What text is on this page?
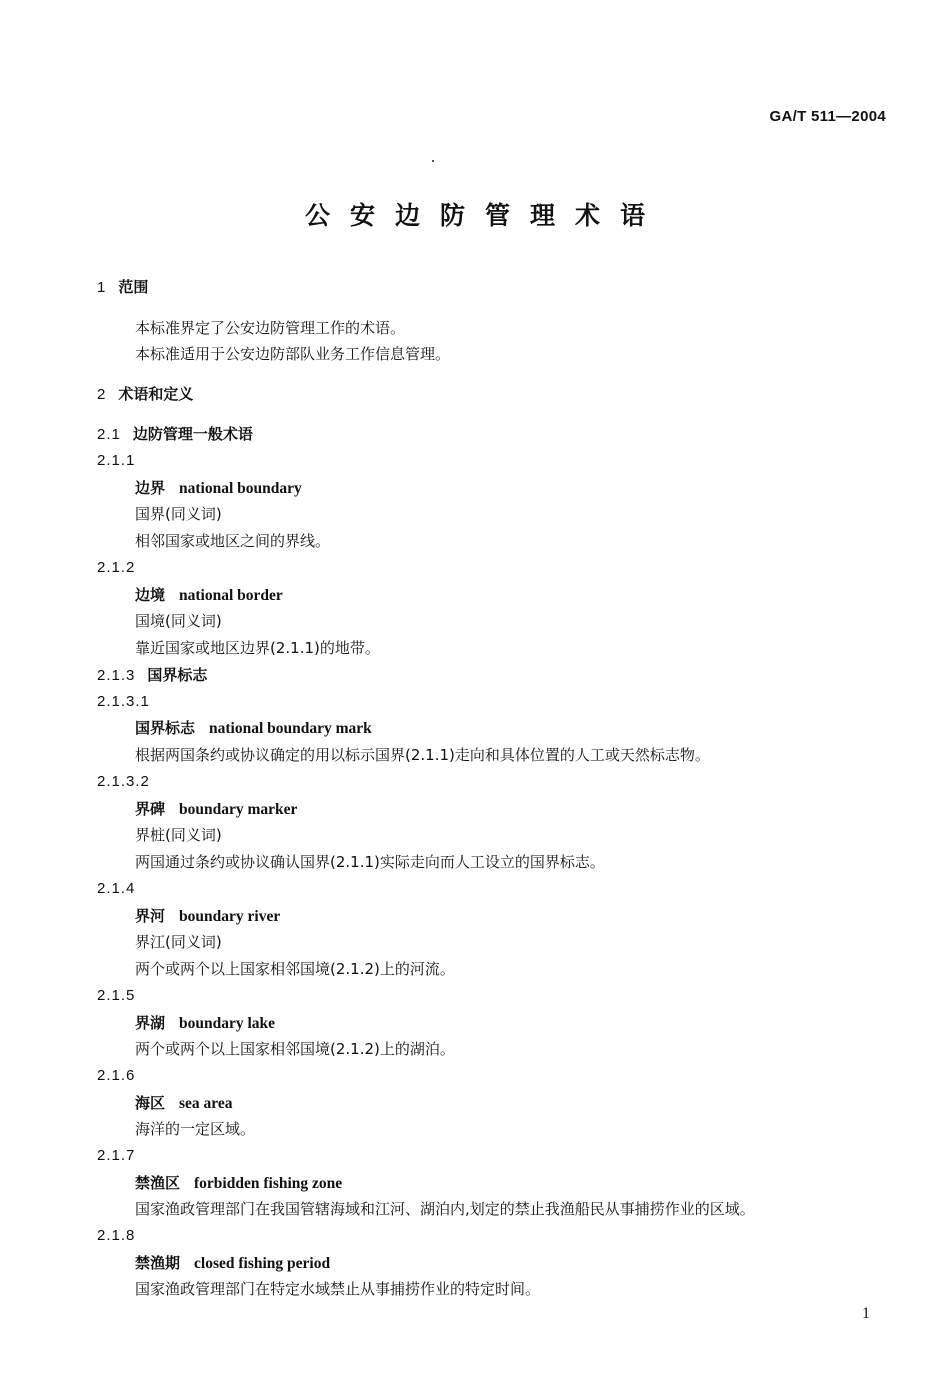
GA/T 511—2004
公安边防管理术语
1 范围
本标准界定了公安边防管理工作的术语。
本标准适用于公安边防部队业务工作信息管理。
2 术语和定义
2.1 边防管理一般术语
2.1.1
边界 national boundary
国界(同义词)
相邻国家或地区之间的界线。
2.1.2
边境 national border
国境(同义词)
靠近国家或地区边界(2.1.1)的地带。
2.1.3 国界标志
2.1.3.1
国界标志 national boundary mark
根据两国条约或协议确定的用以标示国界(2.1.1)走向和具体位置的人工或天然标志物。
2.1.3.2
界碑 boundary marker
界桩(同义词)
两国通过条约或协议确认国界(2.1.1)实际走向而人工设立的国界标志。
2.1.4
界河 boundary river
界江(同义词)
两个或两个以上国家相邻国境(2.1.2)上的河流。
2.1.5
界湖 boundary lake
两个或两个以上国家相邻国境(2.1.2)上的湖泊。
2.1.6
海区 sea area
海洋的一定区域。
2.1.7
禁渔区 forbidden fishing zone
国家渔政管理部门在我国管辖海域和江河、湖泊内,划定的禁止我渔船民从事捕捞作业的区域。
2.1.8
禁渔期 closed fishing period
国家渔政管理部门在特定水域禁止从事捕捞作业的特定时间。
1
